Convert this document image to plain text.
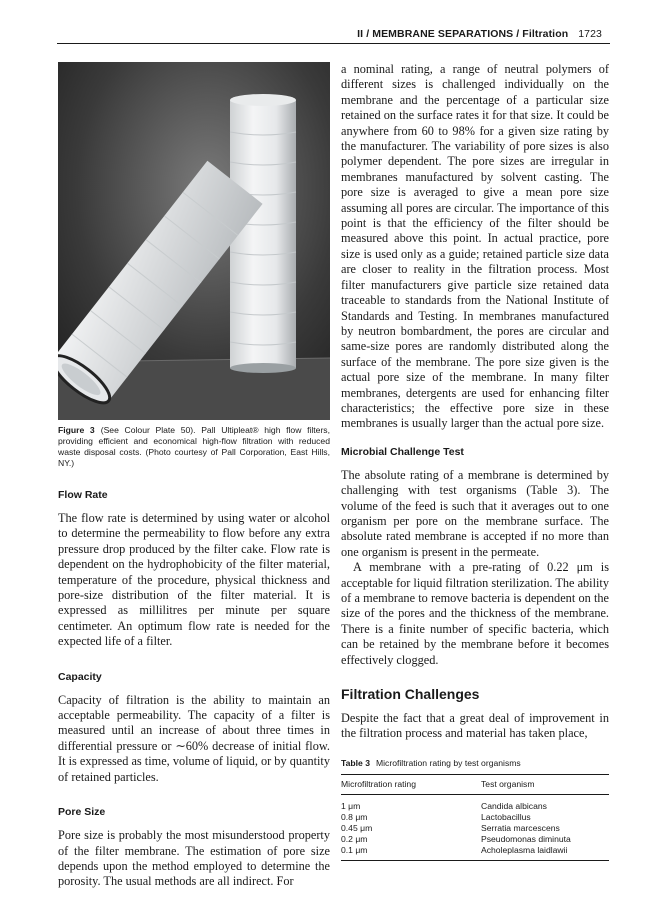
II / MEMBRANE SEPARATIONS / Filtration 1723
Figure 3 (See Colour Plate 50). Pall Ultipleat® high flow filters, providing efficient and economical high-flow filtration with reduced waste disposal costs. (Photo courtesy of Pall Corporation, East Hills, NY.)
Flow Rate

The flow rate is determined by using water or alcohol to determine the permeability to flow before any extra pressure drop produced by the filter cake. Flow rate is dependent on the hydrophobicity of the filter material, temperature of the procedure, physical thickness and pore-size distribution of the filter material. It is expressed as millilitres per minute per square centimeter. An optimum flow rate is needed for the expected life of a filter.

Capacity

Capacity of filtration is the ability to maintain an acceptable permeability. The capacity of a filter is measured until an increase of about three times in differential pressure or ∼60% decrease of initial flow. It is expressed as time, volume of liquid, or by quantity of retained particles.

Pore Size

Pore size is probably the most misunderstood property of the filter membrane. The estimation of pore size depends upon the method employed to determine the porosity. The usual methods are all indirect. For

a nominal rating, a range of neutral polymers of different sizes is challenged individually on the membrane and the percentage of a particular size retained on the surface rates it for that size. It could be anywhere from 60 to 98% for a given size rating by the manufacturer. The variability of pore sizes is also polymer dependent. The pore sizes are irregular in membranes manufactured by solvent casting. The pore size is averaged to give a mean pore size assuming all pores are circular. The importance of this point is that the efficiency of the filter should be measured above this point. In actual practice, pore size is used only as a guide; retained particle size data are closer to reality in the filtration process. Most filter manufacturers give particle size retained data traceable to standards from the National Institute of Standards and Testing. In membranes manufactured by neutron bombardment, the pores are circular and same-size pores are randomly distributed along the surface of the membrane. The pore size given is the actual pore size of the membrane. In many filter membranes, detergents are used for enhancing filter characteristics; the effective pore size in these membranes is usually larger than the actual pore size.

Microbial Challenge Test

The absolute rating of a membrane is determined by challenging with test organisms (Table 3). The volume of the feed is such that it averages out to one organism per pore on the membrane surface. The absolute rated membrane is accepted if no more than one organism is present in the permeate.

A membrane with a pre-rating of 0.22 μm is acceptable for liquid filtration sterilization. The ability of a membrane to remove bacteria is dependent on the size of the pores and the thickness of the membrane. There is a finite number of specific bacteria, which can be retained by the membrane before it becomes effectively clogged.

Filtration Challenges

Despite the fact that a great deal of improvement in the filtration process and material has taken place,

Table 3 Microfiltration rating by test organisms
Microfiltration rating	Test organism
1 μm	Candida albicans
0.8 μm	Lactobacillus
0.45 μm	Serratia marcescens
0.2 μm	Pseudomonas diminuta
0.1 μm	Acholeplasma laidlawii
